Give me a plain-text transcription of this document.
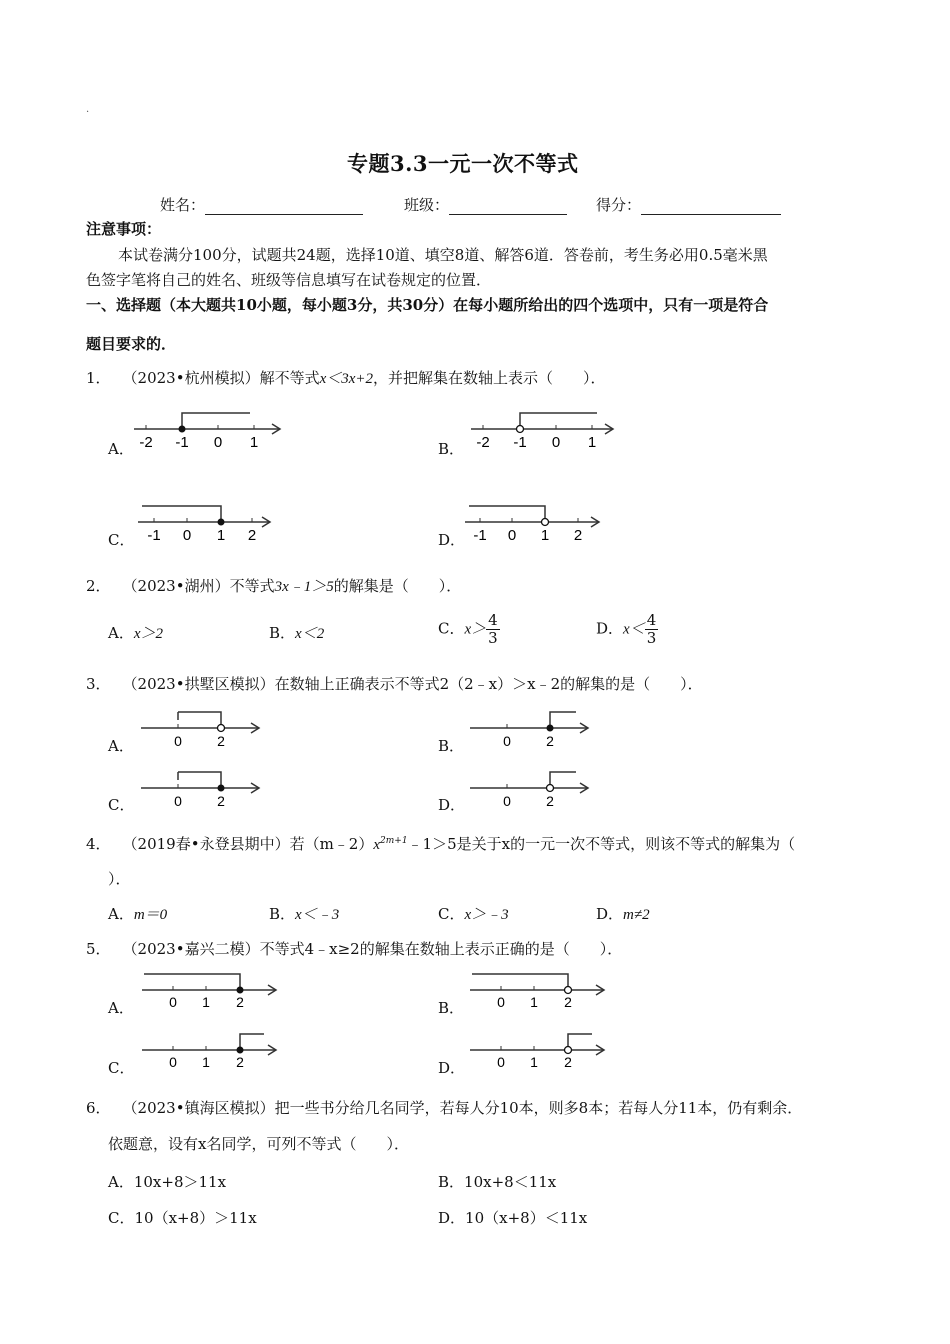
.
专题3.3一元一次不等式
姓名：	班级：	得分：
注意事项：
本试卷满分100分，试题共24题，选择10道、填空8道、解答6道．答卷前，考生务必用0.5毫米黑
色签字笔将自己的姓名、班级等信息填写在试卷规定的位置．
一、选择题（本大题共10小题，每小题3分，共30分）在每小题所给出的四个选项中，只有一项是符合
题目要求的．
1． （2023•杭州模拟）解不等式x＜3x+2，并把解集在数轴上表示（　　）．
A． -2 -1 0 1	B． -2 -1 0 1
C． -1 0 1 2	D． -1 0 1 2
2． （2023•湖州）不等式3x﹣1＞5的解集是（　　）．
A．x＞2	B．x＜2	C．$x> \frac{4}{3}$	D．$x< \frac{4}{3}$
3． （2023•拱墅区模拟）在数轴上正确表示不等式2（2﹣x）＞x﹣2的解集的是（　　）．
A．	0	2	B．	0	2
C．	0	2	D．	0	2
4． （2019春•永登县期中）若$(m﹣2)x^{2m+1}﹣1>5$是关于x的一元一次不等式，则该不等式的解集为（
）．
A．m＝0	B．x＜﹣3	C．x＞﹣3	D．m≠2
5． （2023•嘉兴二模）不等式4﹣x≥2的解集在数轴上表示正确的是（　　）．
A．	0 1 2	B． 0 1 2
C． 0 1 2	D． 0 1 2
6． （2023•镇海区模拟）把一些书分给几名同学，若每人分10本，则多8本；若每人分11本，仍有剩余．
依题意，设有x名同学，可列不等式（　　）．
A．10x+8＞11x	B．10x+8＜11x
C．10（x+8）＞11x	D．10（x+8）＜11x
